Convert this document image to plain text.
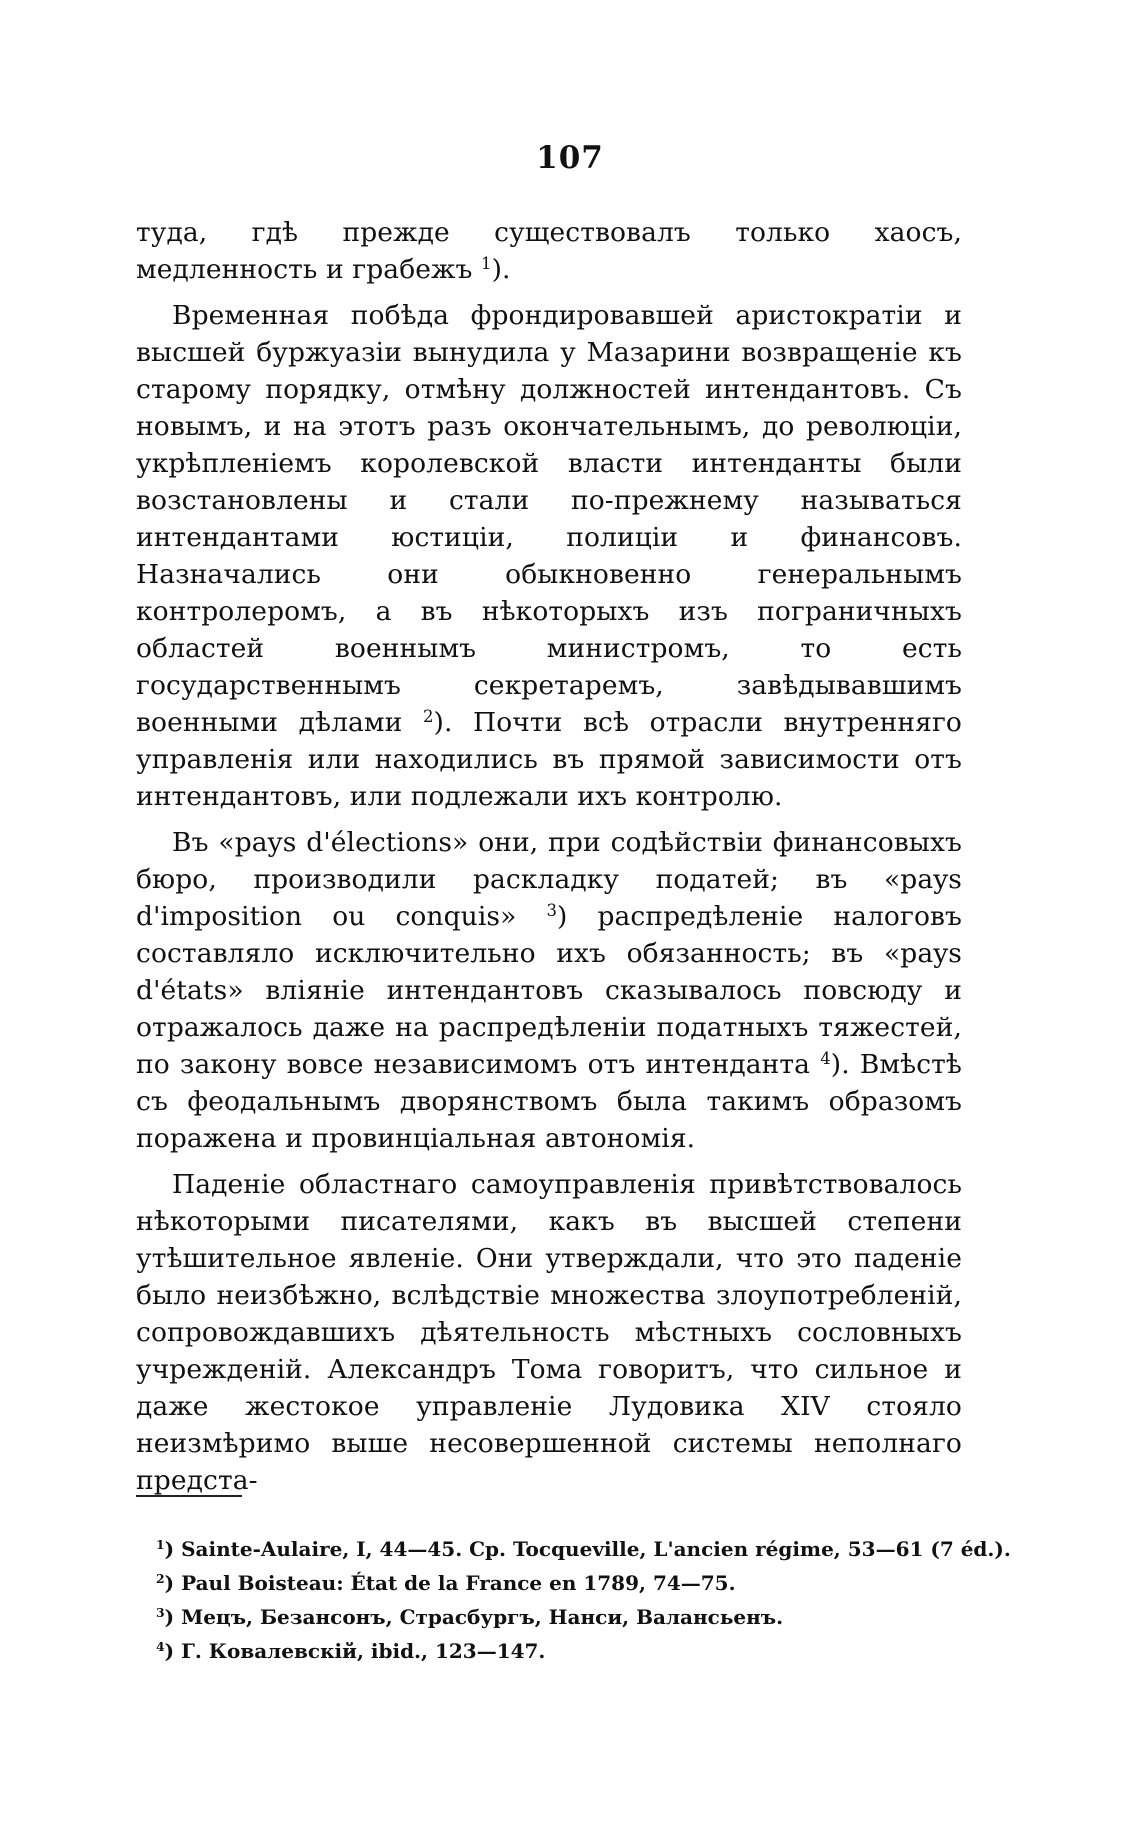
107

туда, гдѣ прежде существовалъ только хаосъ, медленность и грабежъ $^1$).

Временная побѣда фрондировавшей аристократіи и высшей буржуазіи вынудила у Мазарини возвращеніе къ старому порядку, отмѣну должностей интендантовъ. Съ новымъ, и на этотъ разъ окончательнымъ, до революціи, укрѣпленіемъ королевской власти интенданты были возстановлены и стали по-прежнему называться интендантами юстиціи, полиціи и финансовъ. Назначались они обыкновенно генеральнымъ контролеромъ, а въ нѣкоторыхъ изъ пограничныхъ областей военнымъ министромъ, то есть государственнымъ секретаремъ, завѣдывавшимъ военными дѣлами $^2$). Почти всѣ отрасли внутренняго управленія или находились въ прямой зависимости отъ интендантовъ, или подлежали ихъ контролю.

Въ «pays d'élections» они, при содѣйствіи финансовыхъ бюро, производили раскладку податей; въ «pays d'imposition ou conquis» $^3$) распредѣленіе налоговъ составляло исключительно ихъ обязанность; въ «pays d'états» вліяніе интендантовъ сказывалось повсюду и отражалось даже на распредѣленіи податныхъ тяжестей, по закону вовсе независимомъ отъ интенданта $^4$). Вмѣстѣ съ феодальнымъ дворянствомъ была такимъ образомъ поражена и провинціальная автономія.

Паденіе областнаго самоуправленія привѣтствовалось нѣкоторыми писателями, какъ въ высшей степени утѣшительное явленіе. Они утверждали, что это паденіе было неизбѣжно, вслѣдствіе множества злоупотребленій, сопровождавшихъ дѣятельность мѣстныхъ сословныхъ учрежденій. Александръ Тома говоритъ, что сильное и даже жестокое управленіе Лудовика XIV стояло неизмѣримо выше несовершенной системы неполнаго предста-

$^1$) Sainte-Aulaire, I, 44—45. Cp. Tocqueville, L'ancien régime, 53—61 (7 éd.).
$^2$) Paul Boisteau: État de la France en 1789, 74—75.
$^3$) Мецъ, Безансонъ, Страсбургъ, Нанси, Валансьенъ.
$^4$) Г. Ковалевскій, ibid., 123—147.
